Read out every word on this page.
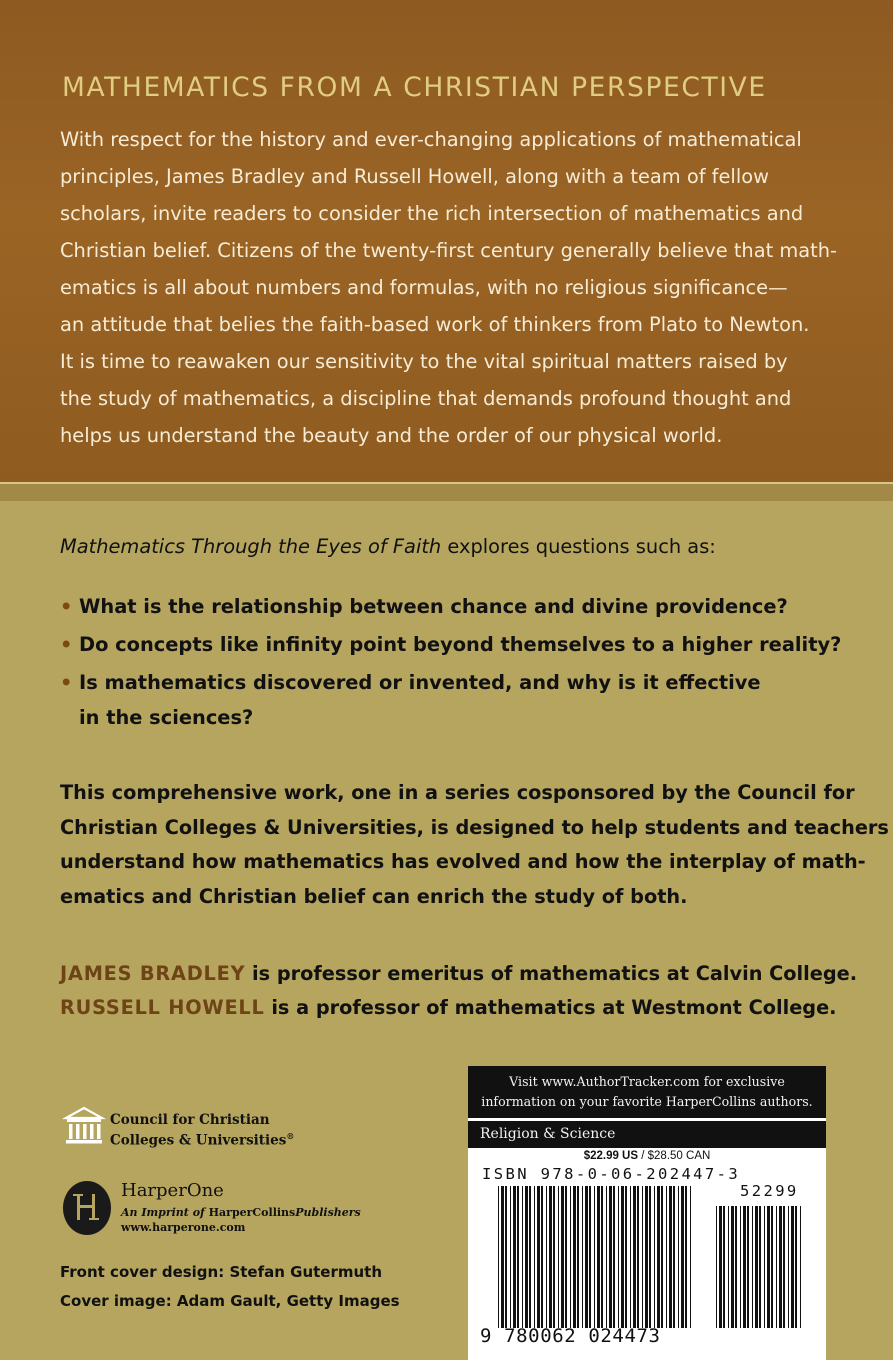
MATHEMATICS FROM A CHRISTIAN PERSPECTIVE

With respect for the history and ever-changing applications of mathematical
principles, James Bradley and Russell Howell, along with a team of fellow
scholars, invite readers to consider the rich intersection of mathematics and
Christian belief. Citizens of the twenty-first century generally believe that math-
ematics is all about numbers and formulas, with no religious significance—
an attitude that belies the faith-based work of thinkers from Plato to Newton.
It is time to reawaken our sensitivity to the vital spiritual matters raised by
the study of mathematics, a discipline that demands profound thought and
helps us understand the beauty and the order of our physical world.

Mathematics Through the Eyes of Faith explores questions such as:

• What is the relationship between chance and divine providence?
• Do concepts like infinity point beyond themselves to a higher reality?
• Is mathematics discovered or invented, and why is it effective
in the sciences?

This comprehensive work, one in a series cosponsored by the Council for
Christian Colleges & Universities, is designed to help students and teachers
understand how mathematics has evolved and how the interplay of math-
ematics and Christian belief can enrich the study of both.

JAMES BRADLEY is professor emeritus of mathematics at Calvin College.
RUSSELL HOWELL is a professor of mathematics at Westmont College.

Council for Christian
Colleges & Universities®
HarperOne
An Imprint of HarperCollinsPublishers
www.harperone.com

Front cover design: Stefan Gutermuth
Cover image: Adam Gault, Getty Images

Visit www.AuthorTracker.com for exclusive
information on your favorite HarperCollins authors.
Religion & Science
$22.99 US / $28.50 CAN
ISBN 978-0-06-202447-3
52299
9 780062 024473
